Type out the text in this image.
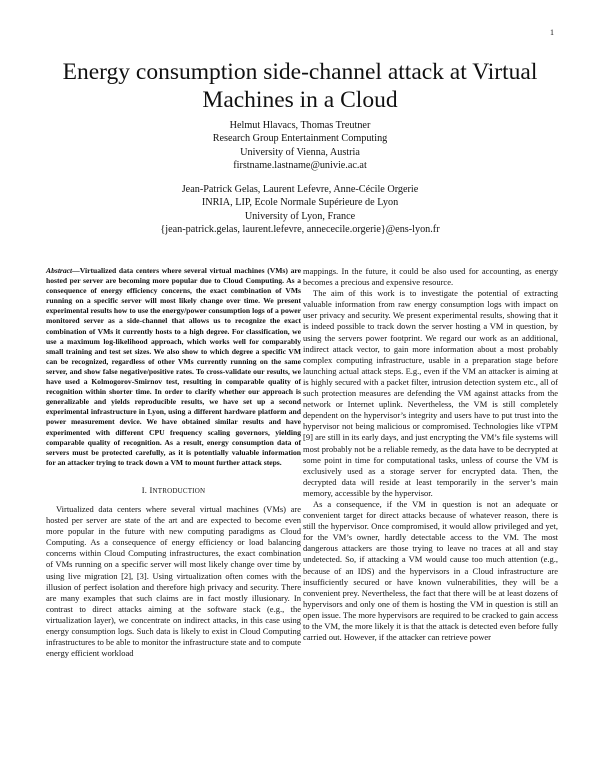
1
Energy consumption side-channel attack at Virtual Machines in a Cloud
Helmut Hlavacs, Thomas Treutner
Research Group Entertainment Computing
University of Vienna, Austria
firstname.lastname@univie.ac.at
Jean-Patrick Gelas, Laurent Lefevre, Anne-Cécile Orgerie
INRIA, LIP, Ecole Normale Supérieure de Lyon
University of Lyon, France
{jean-patrick.gelas, laurent.lefevre, annececile.orgerie}@ens-lyon.fr

Abstract—Virtualized data centers where several virtual machines (VMs) are hosted per server are becoming more popular due to Cloud Computing. As a consequence of energy efficiency concerns, the exact combination of VMs running on a specific server will most likely change over time. We present experimental results how to use the energy/power consumption logs of a power monitored server as a side-channel that allows us to recognize the exact combination of VMs it currently hosts to a high degree. For classification, we use a maximum log-likelihood approach, which works well for comparably small training and test set sizes. We also show to which degree a specific VM can be recognized, regardless of other VMs currently running on the same server, and show false negative/positive rates. To cross-validate our results, we have used a Kolmogorov-Smirnov test, resulting in comparable quality of recognition within shorter time. In order to clarify whether our approach is generalizable and yields reproducible results, we have set up a second experimental infrastructure in Lyon, using a different hardware platform and power measurement device. We have obtained similar results and have experimented with different CPU frequency scaling governors, yielding comparable quality of recognition. As a result, energy consumption data of servers must be protected carefully, as it is potentially valuable information for an attacker trying to track down a VM to mount further attack steps.

I. INTRODUCTION

Virtualized data centers where several virtual machines (VMs) are hosted per server are state of the art and are expected to become even more popular in the future with new computing paradigms as Cloud Computing. As a consequence of energy efficiency or load balancing concerns within Cloud Computing infrastructures, the exact combination of VMs running on a specific server will most likely change over time by using live migration [2], [3]. Using virtualization often comes with the illusion of perfect isolation and therefore high privacy and security. There are many examples that such claims are in fact mostly illusionary. In contrast to direct attacks aiming at the software stack (e.g., the virtualization layer), we concentrate on indirect attacks, in this case using energy consumption logs. Such data is likely to exist in Cloud Computing infrastructures to be able to monitor the infrastructure state and to compute energy efficient workload

mappings. In the future, it could be also used for accounting, as energy becomes a precious and expensive resource.

The aim of this work is to investigate the potential of extracting valuable information from raw energy consumption logs with impact on user privacy and security. We present experimental results, showing that it is indeed possible to track down the server hosting a VM in question, by using the servers power footprint. We regard our work as an additional, indirect attack vector, to gain more information about a most probably complex computing infrastructure, usable in a preparation stage before launching actual attack steps. E.g., even if the VM an attacker is aiming at is highly secured with a packet filter, intrusion detection system etc., all of such protection measures are defending the VM against attacks from the network or Internet uplink. Nevertheless, the VM is still completely dependent on the hypervisor’s integrity and users have to put trust into the hypervisor not being malicious or compromised. Technologies like vTPM [9] are still in its early days, and just encrypting the VM’s file systems will most probably not be a reliable remedy, as the data have to be decrypted at some point in time for computational tasks, unless of course the VM is exclusively used as a storage server for encrypted data. Then, the decrypted data will reside at least temporarily in the server’s main memory, accessible by the hypervisor.

As a consequence, if the VM in question is not an adequate or convenient target for direct attacks because of whatever reason, there is still the hypervisor. Once compromised, it would allow privileged and yet, for the VM’s owner, hardly detectable access to the VM. The most dangerous attackers are those trying to leave no traces at all and stay undetected. So, if attacking a VM would cause too much attention (e.g., because of an IDS) and the hypervisors in a Cloud infrastructure are insufficiently secured or have known vulnerabilities, they will be a convenient prey. Nevertheless, the fact that there will be at least dozens of hypervisors and only one of them is hosting the VM in question is still an open issue. The more hypervisors are required to be cracked to gain access to the VM, the more likely it is that the attack is detected even before fully carried out. However, if the attacker can retrieve power
